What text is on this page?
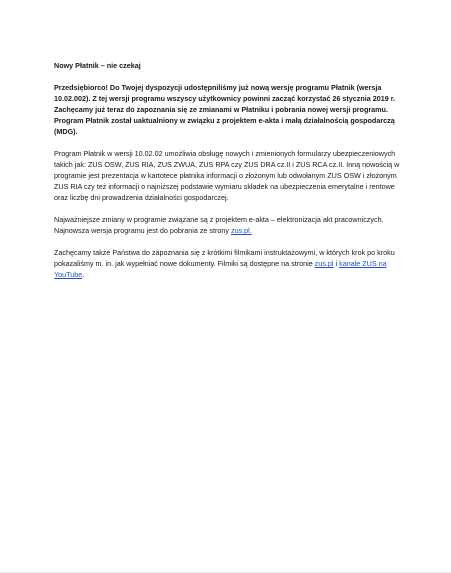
Nowy Płatnik – nie czekaj

Przedsiębiorco! Do Twojej dyspozycji udostępniliśmy już nową wersję programu Płatnik (wersja 10.02.002). Z tej wersji programu wszyscy użytkownicy powinni zacząć korzystać 26 stycznia 2019 r. Zachęcamy już teraz do zapoznania się ze zmianami w Płatniku i pobrania nowej wersji programu. Program Płatnik został uaktualniony w związku z projektem e-akta i małą działalnością gospodarczą (MDG).

Program Płatnik w wersji 10.02.02 umożliwia obsługę nowych i zmienionych formularzy ubezpieczeniowych takich jak: ZUS OSW, ZUS RIA, ZUS ZWUA, ZUS RPA czy ZUS DRA cz.II i ZUS RCA cz.II. Inną nowością w programie jest prezentacja w kartotece płatnika informacji o złożonym lub odwołanym ZUS OSW i złożonym ZUS RIA czy też informacji o najniższej podstawie wymiaru składek na ubezpieczenia emerytalne i rentowe oraz liczbę dni prowadzenia działalności gospodarczej.

Najważniejsze zmiany w programie związane są z projektem e-akta – elektronizacja akt pracowniczych. Najnowsza wersja programu jest do pobrania ze strony zus.pl.

Zachęcamy także Państwa do zapoznania się z krótkimi filmikami instruktażowymi, w których krok po kroku pokazaliśmy m. in. jak wypełniać nowe dokumenty. Filmiki są dostępne na stronie zus.pl i kanale ZUS na YouTube.
